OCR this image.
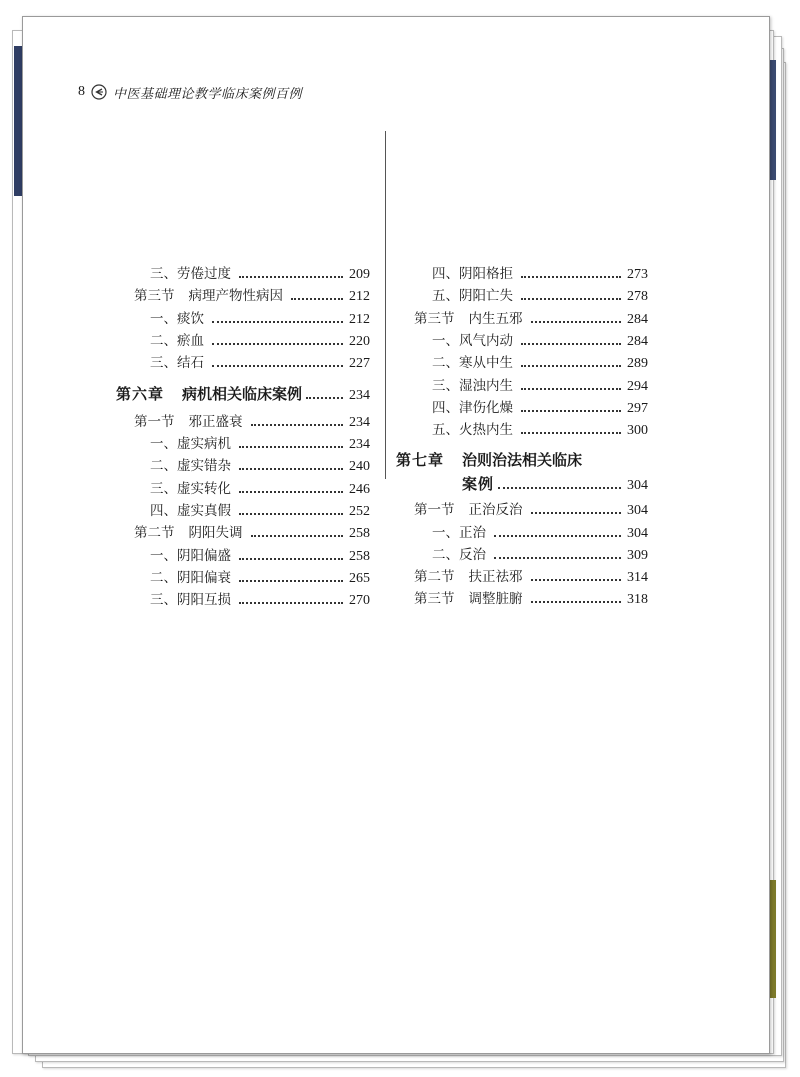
8 中医基础理论教学临床案例百例
三、劳倦过度	209
第三节 病理产物性病因	212
一、痰饮	212
二、瘀血	220
三、结石	227
第六章 病机相关临床案例	234
第一节 邪正盛衰	234
一、虚实病机	234
二、虚实错杂	240
三、虚实转化	246
四、虚实真假	252
第二节 阴阳失调	258
一、阴阳偏盛	258
二、阴阳偏衰	265
三、阴阳互损	270
四、阴阳格拒	273
五、阴阳亡失	278
第三节 内生五邪	284
一、风气内动	284
二、寒从中生	289
三、湿浊内生	294
四、津伤化燥	297
五、火热内生	300
第七章 治则治法相关临床
案例	304
第一节 正治反治	304
一、正治	304
二、反治	309
第二节 扶正祛邪	314
第三节 调整脏腑	318
